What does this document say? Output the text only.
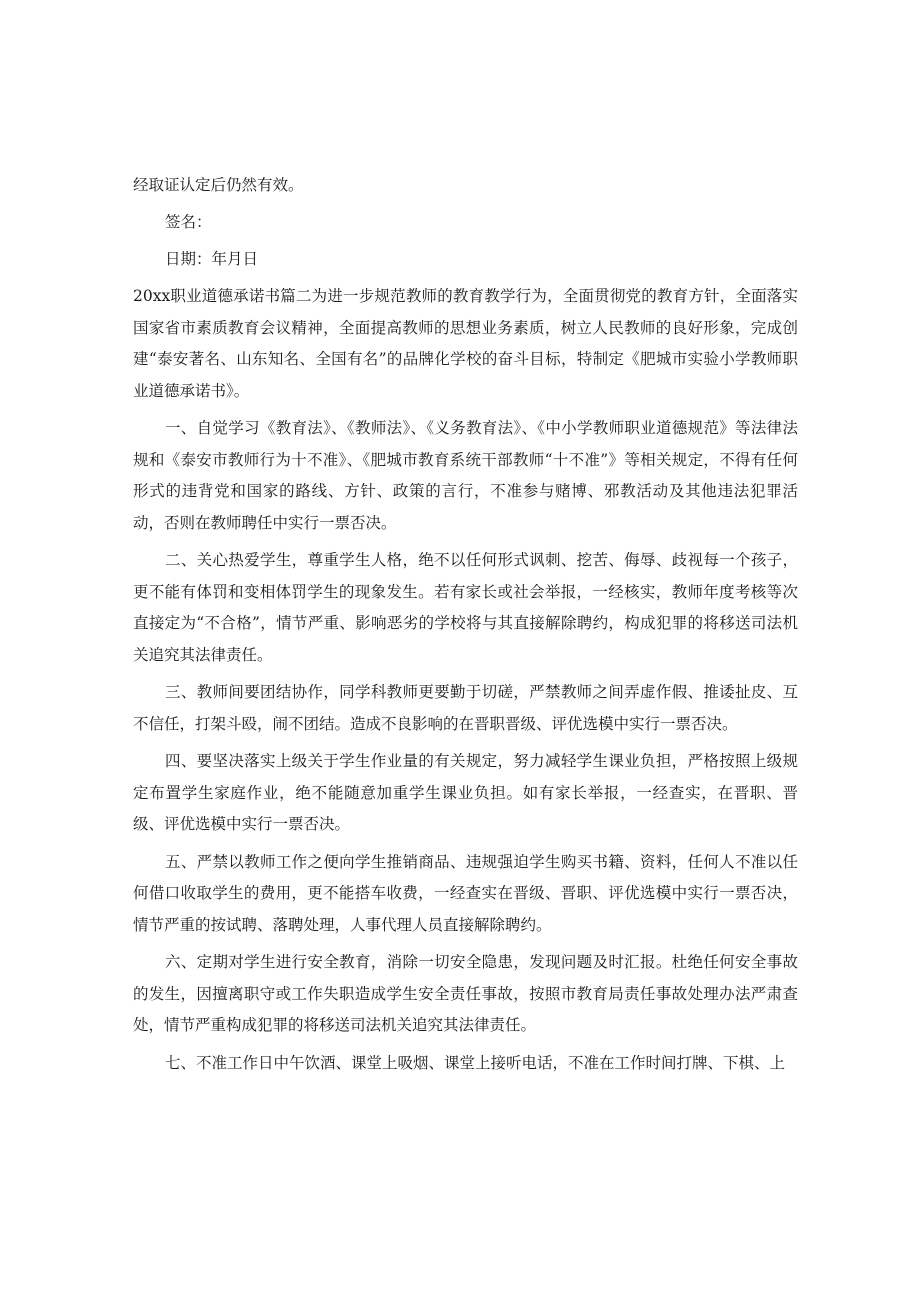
经取证认定后仍然有效。

签名：

日期：年月日

20xx职业道德承诺书篇二为进一步规范教师的教育教学行为，全面贯彻党的教育方针，全面落实国家省市素质教育会议精神，全面提高教师的思想业务素质，树立人民教师的良好形象，完成创建“泰安著名、山东知名、全国有名”的品牌化学校的奋斗目标，特制定《肥城市实验小学教师职业道德承诺书》。

一、自觉学习《教育法》、《教师法》、《义务教育法》、《中小学教师职业道德规范》等法律法规和《泰安市教师行为十不准》、《肥城市教育系统干部教师“十不准”》等相关规定，不得有任何形式的违背党和国家的路线、方针、政策的言行，不准参与赌博、邪教活动及其他违法犯罪活动，否则在教师聘任中实行一票否决。

二、关心热爱学生，尊重学生人格，绝不以任何形式讽刺、挖苦、侮辱、歧视每一个孩子，更不能有体罚和变相体罚学生的现象发生。若有家长或社会举报，一经核实，教师年度考核等次直接定为“不合格”，情节严重、影响恶劣的学校将与其直接解除聘约，构成犯罪的将移送司法机关追究其法律责任。

三、教师间要团结协作，同学科教师更要勤于切磋，严禁教师之间弄虚作假、推诿扯皮、互不信任，打架斗殴，闹不团结。造成不良影响的在晋职晋级、评优选模中实行一票否决。

四、要坚决落实上级关于学生作业量的有关规定，努力减轻学生课业负担，严格按照上级规定布置学生家庭作业，绝不能随意加重学生课业负担。如有家长举报，一经查实，在晋职、晋级、评优选模中实行一票否决。

五、严禁以教师工作之便向学生推销商品、违规强迫学生购买书籍、资料，任何人不准以任何借口收取学生的费用，更不能搭车收费，一经查实在晋级、晋职、评优选模中实行一票否决，情节严重的按试聘、落聘处理，人事代理人员直接解除聘约。

六、定期对学生进行安全教育，消除一切安全隐患，发现问题及时汇报。杜绝任何安全事故的发生，因擅离职守或工作失职造成学生安全责任事故，按照市教育局责任事故处理办法严肃查处，情节严重构成犯罪的将移送司法机关追究其法律责任。

七、不准工作日中午饮酒、课堂上吸烟、课堂上接听电话，不准在工作时间打牌、下棋、上
